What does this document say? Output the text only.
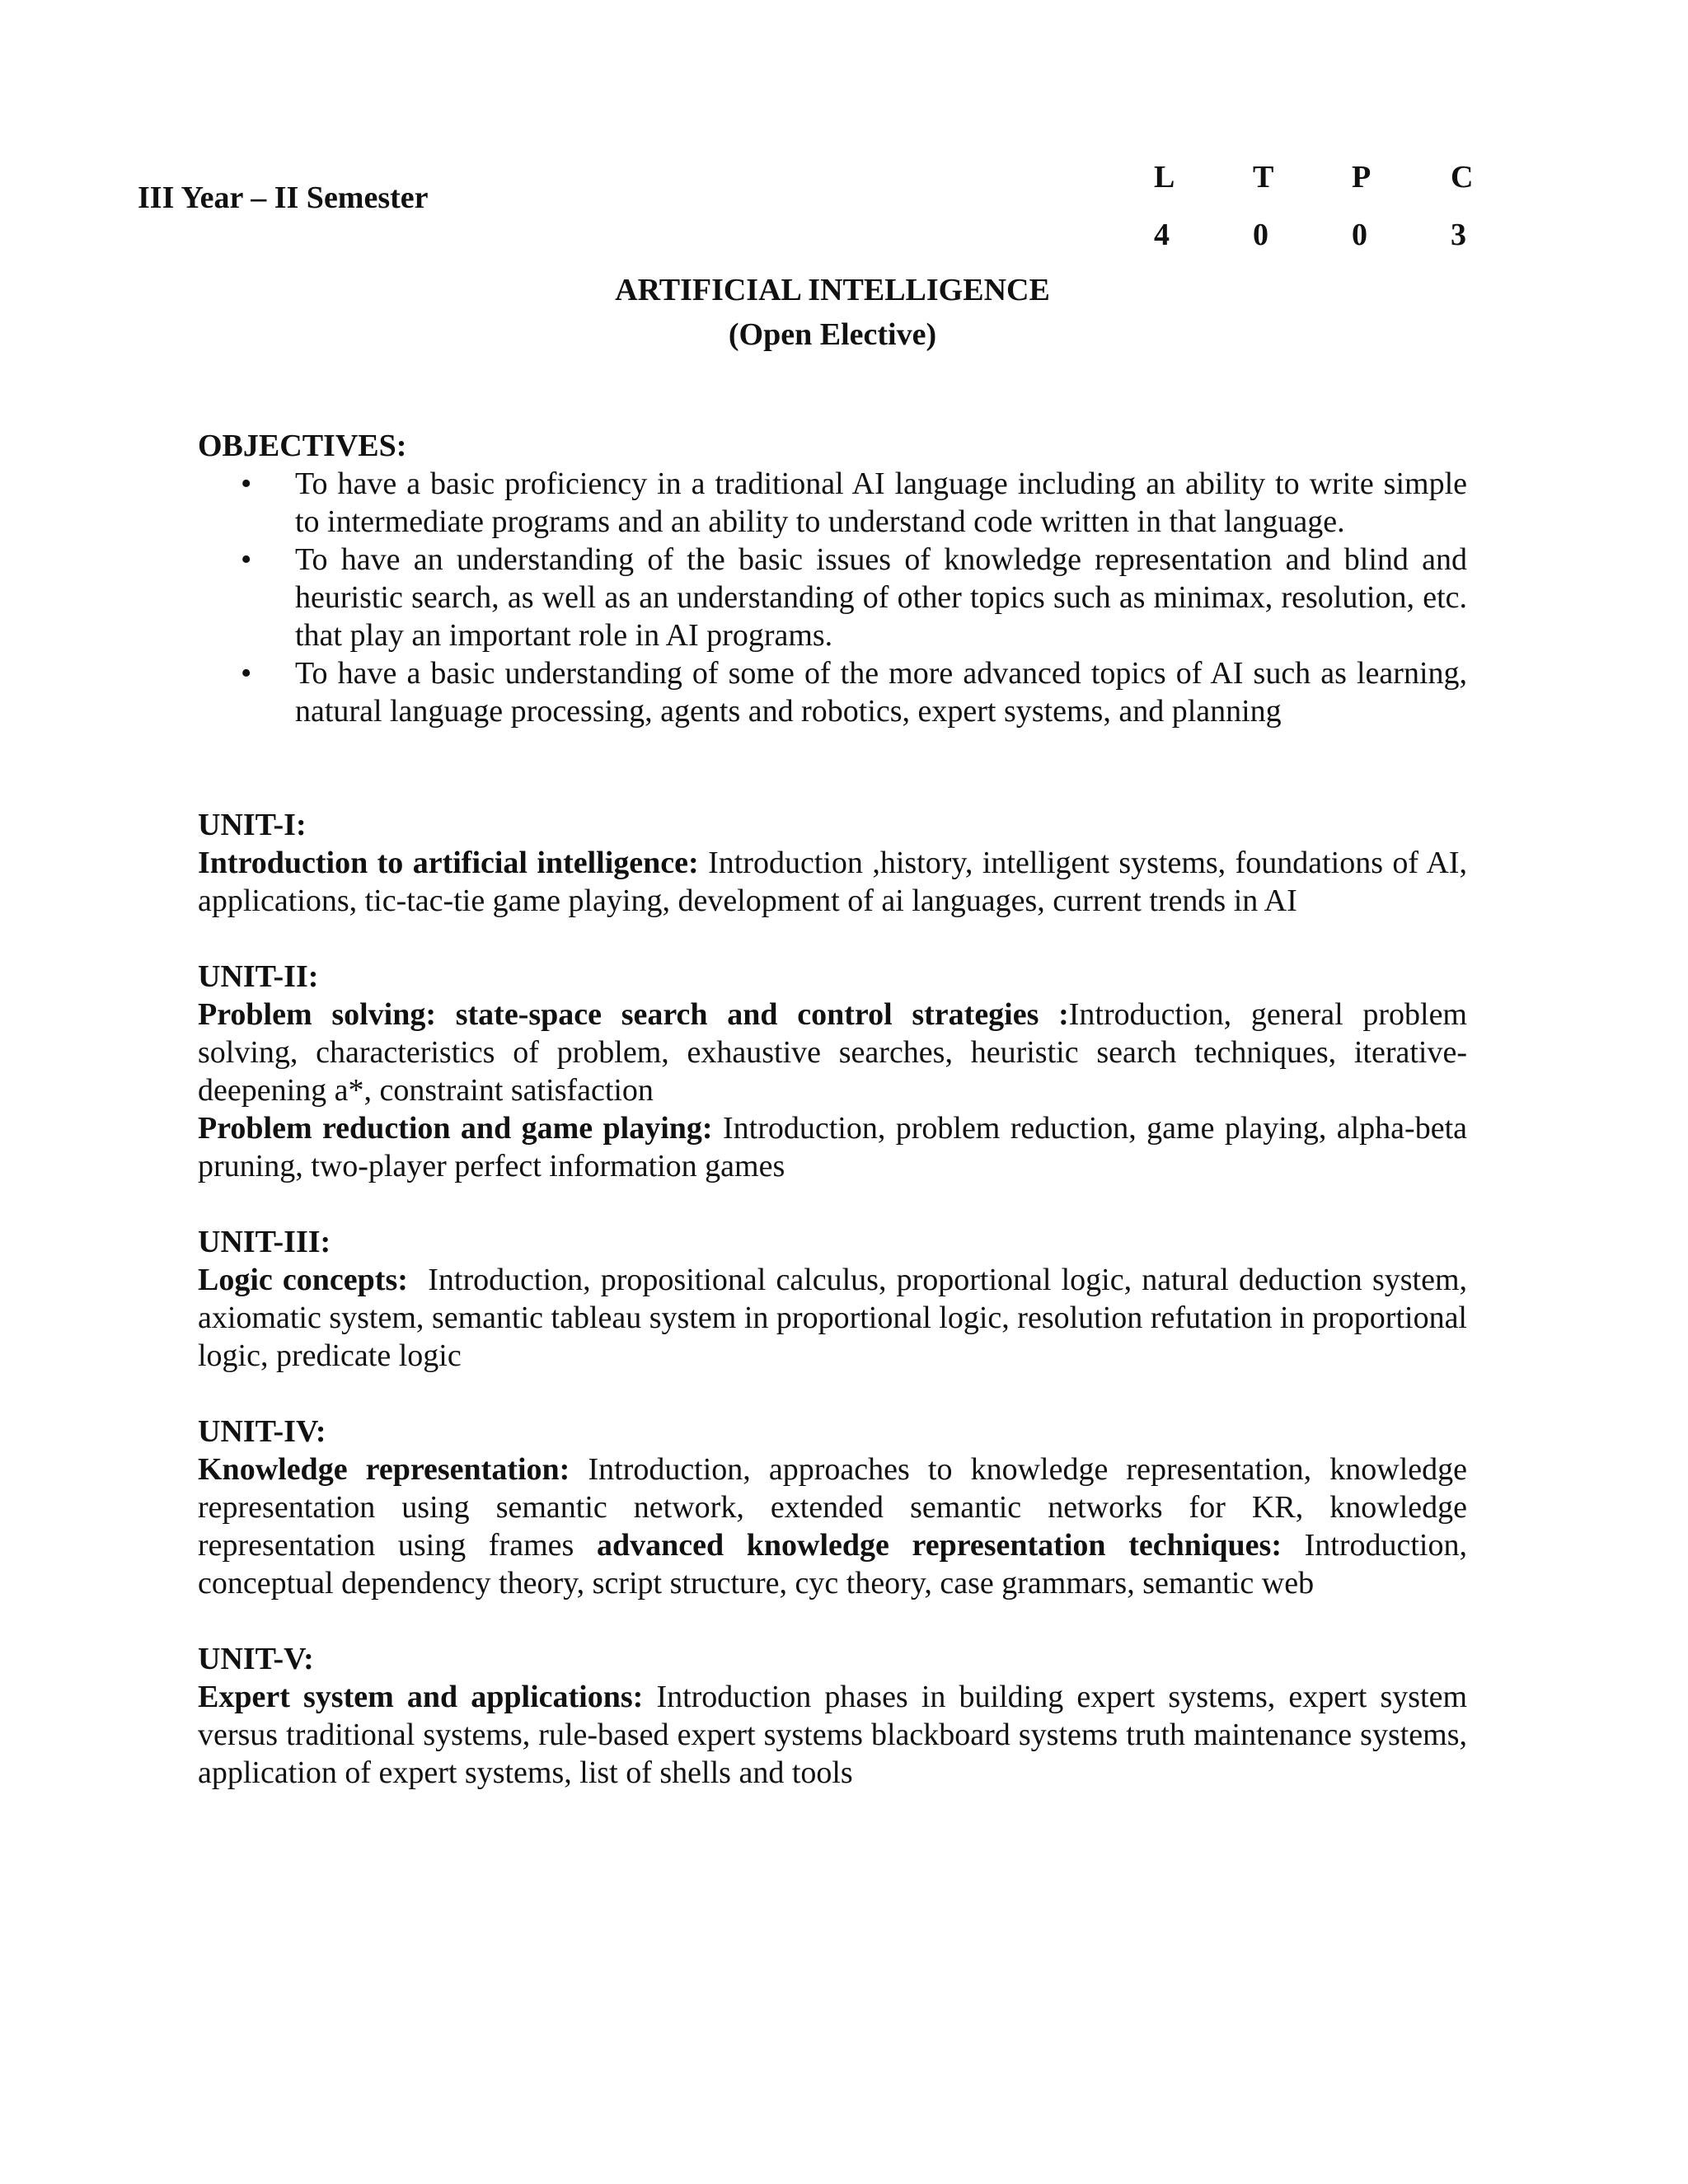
III Year – II Semester
L	T	P	C
4	0	0	3
ARTIFICIAL INTELLIGENCE
(Open Elective)
OBJECTIVES:
• To have a basic proficiency in a traditional AI language including an ability to write simple to intermediate programs and an ability to understand code written in that language.
• To have an understanding of the basic issues of knowledge representation and blind and heuristic search, as well as an understanding of other topics such as minimax, resolution, etc. that play an important role in AI programs.
• To have a basic understanding of some of the more advanced topics of AI such as learning, natural language processing, agents and robotics, expert systems, and planning
UNIT-I:

Introduction to artificial intelligence: Introduction ,history, intelligent systems, foundations of AI, applications, tic-tac-tie game playing, development of ai languages, current trends in AI

UNIT-II:

Problem solving: state-space search and control strategies :Introduction, general problem solving, characteristics of problem, exhaustive searches, heuristic search techniques, iterative-deepening a*, constraint satisfaction

Problem reduction and game playing: Introduction, problem reduction, game playing, alpha-beta pruning, two-player perfect information games

UNIT-III:

Logic concepts:  Introduction, propositional calculus, proportional logic, natural deduction system, axiomatic system, semantic tableau system in proportional logic, resolution refutation in proportional logic, predicate logic

UNIT-IV:

Knowledge representation: Introduction, approaches to knowledge representation, knowledge representation using semantic network, extended semantic networks for KR, knowledge representation using frames advanced knowledge representation techniques: Introduction, conceptual dependency theory, script structure, cyc theory, case grammars, semantic web

UNIT-V:

Expert system and applications: Introduction phases in building expert systems, expert system versus traditional systems, rule-based expert systems blackboard systems truth maintenance systems, application of expert systems, list of shells and tools
